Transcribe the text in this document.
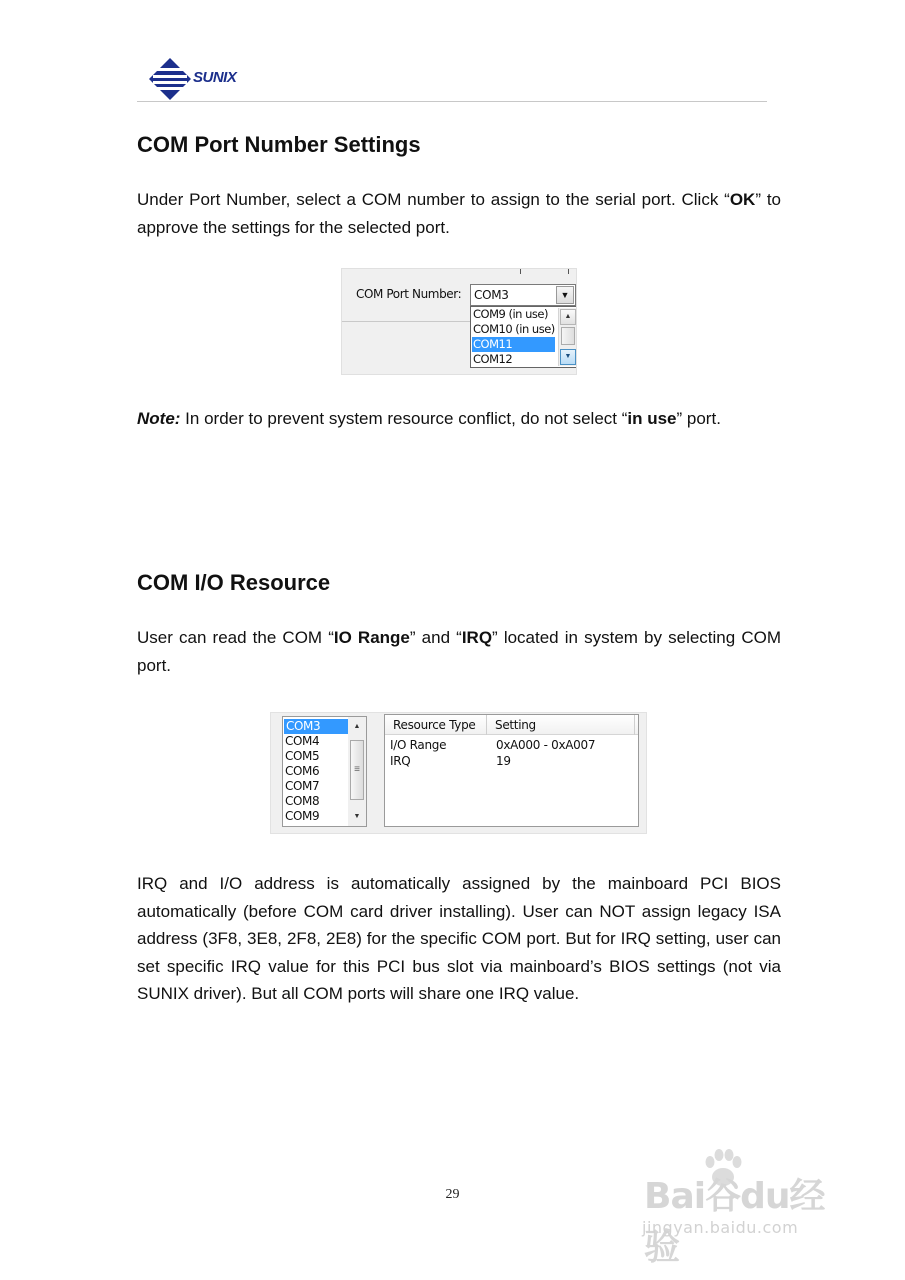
SUNIX
COM Port Number Settings

Under Port Number, select a COM number to assign to the serial port. Click “OK” to approve the settings for the selected port.

COM Port Number: COM3	▼
COM9 (in use)
COM10 (in use)
COM11
COM12
▲
▼

Note: In order to prevent system resource conflict, do not select “in use” port.

COM I/O Resource

User can read the COM “IO Range” and “IRQ” located in system by selecting COM port.

COM3
COM4
COM5
COM6
COM7
COM8
COM9
▲
≡
▼
Resource Type	Setting
I/O Range	0xA000 - 0xA007
IRQ	19

IRQ and I/O address is automatically assigned by the mainboard PCI BIOS automatically (before COM card driver installing). User can NOT assign legacy ISA address (3F8, 3E8, 2F8, 2E8) for the specific COM port. But for IRQ setting, user can set specific IRQ value for this PCI bus slot via mainboard’s BIOS settings (not via SUNIX driver). But all COM ports will share one IRQ value.

Bai谷du经验
jingyan.baidu.com
29
